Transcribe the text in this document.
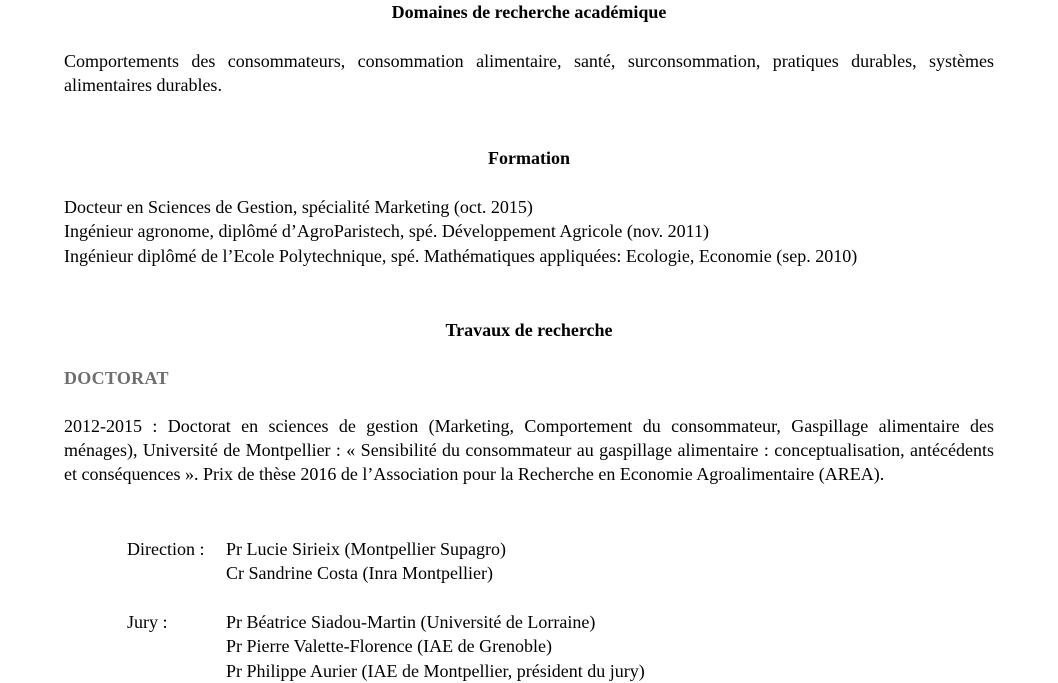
Domaines de recherche académique

Comportements des consommateurs, consommation alimentaire, santé, surconsommation, pratiques durables, systèmes alimentaires durables.

Formation
Docteur en Sciences de Gestion, spécialité Marketing (oct. 2015)
Ingénieur agronome, diplômé d’AgroParistech, spé. Développement Agricole (nov. 2011)
Ingénieur diplômé de l’Ecole Polytechnique, spé. Mathématiques appliquées: Ecologie, Economie (sep. 2010)
Travaux de recherche
DOCTORAT

2012-2015 : Doctorat en sciences de gestion (Marketing, Comportement du consommateur, Gaspillage alimentaire des ménages), Université de Montpellier : « Sensibilité du consommateur au gaspillage alimentaire : conceptualisation, antécédents et conséquences ». Prix de thèse 2016 de l’Association pour la Recherche en Economie Agroalimentaire (AREA).

Direction : Pr Lucie Sirieix (Montpellier Supagro)
Cr Sandrine Costa (Inra Montpellier)
Jury :	Pr Béatrice Siadou-Martin (Université de Lorraine)
Pr Pierre Valette-Florence (IAE de Grenoble)
Pr Philippe Aurier (IAE de Montpellier, président du jury)
